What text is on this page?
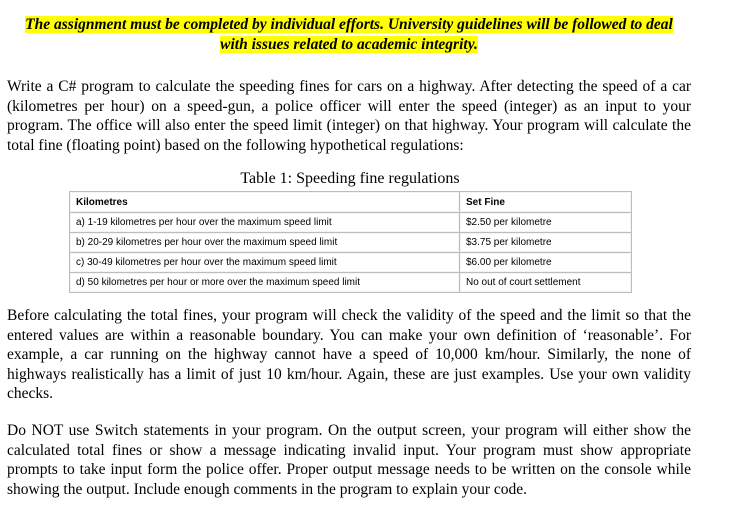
The assignment must be completed by individual efforts. University guidelines will be followed to deal
with issues related to academic integrity.

Write a C# program to calculate the speeding fines for cars on a highway. After detecting the speed of a car (kilometres per hour) on a speed-gun, a police officer will enter the speed (integer) as an input to your program. The office will also enter the speed limit (integer) on that highway. Your program will calculate the total fine (floating point) based on the following hypothetical regulations:

Table 1: Speeding fine regulations

Kilometres	Set Fine
a) 1-19 kilometres per hour over the maximum speed limit	$2.50 per kilometre
b) 20-29 kilometres per hour over the maximum speed limit	$3.75 per kilometre
c) 30-49 kilometres per hour over the maximum speed limit	$6.00 per kilometre
d) 50 kilometres per hour or more over the maximum speed limit	No out of court settlement

Before calculating the total fines, your program will check the validity of the speed and the limit so that the entered values are within a reasonable boundary. You can make your own definition of ‘reasonable’. For example, a car running on the highway cannot have a speed of 10,000 km/hour. Similarly, the none of highways realistically has a limit of just 10 km/hour. Again, these are just examples. Use your own validity checks.

Do NOT use Switch statements in your program. On the output screen, your program will either show the calculated total fines or show a message indicating invalid input. Your program must show appropriate prompts to take input form the police offer. Proper output message needs to be written on the console while showing the output. Include enough comments in the program to explain your code.
